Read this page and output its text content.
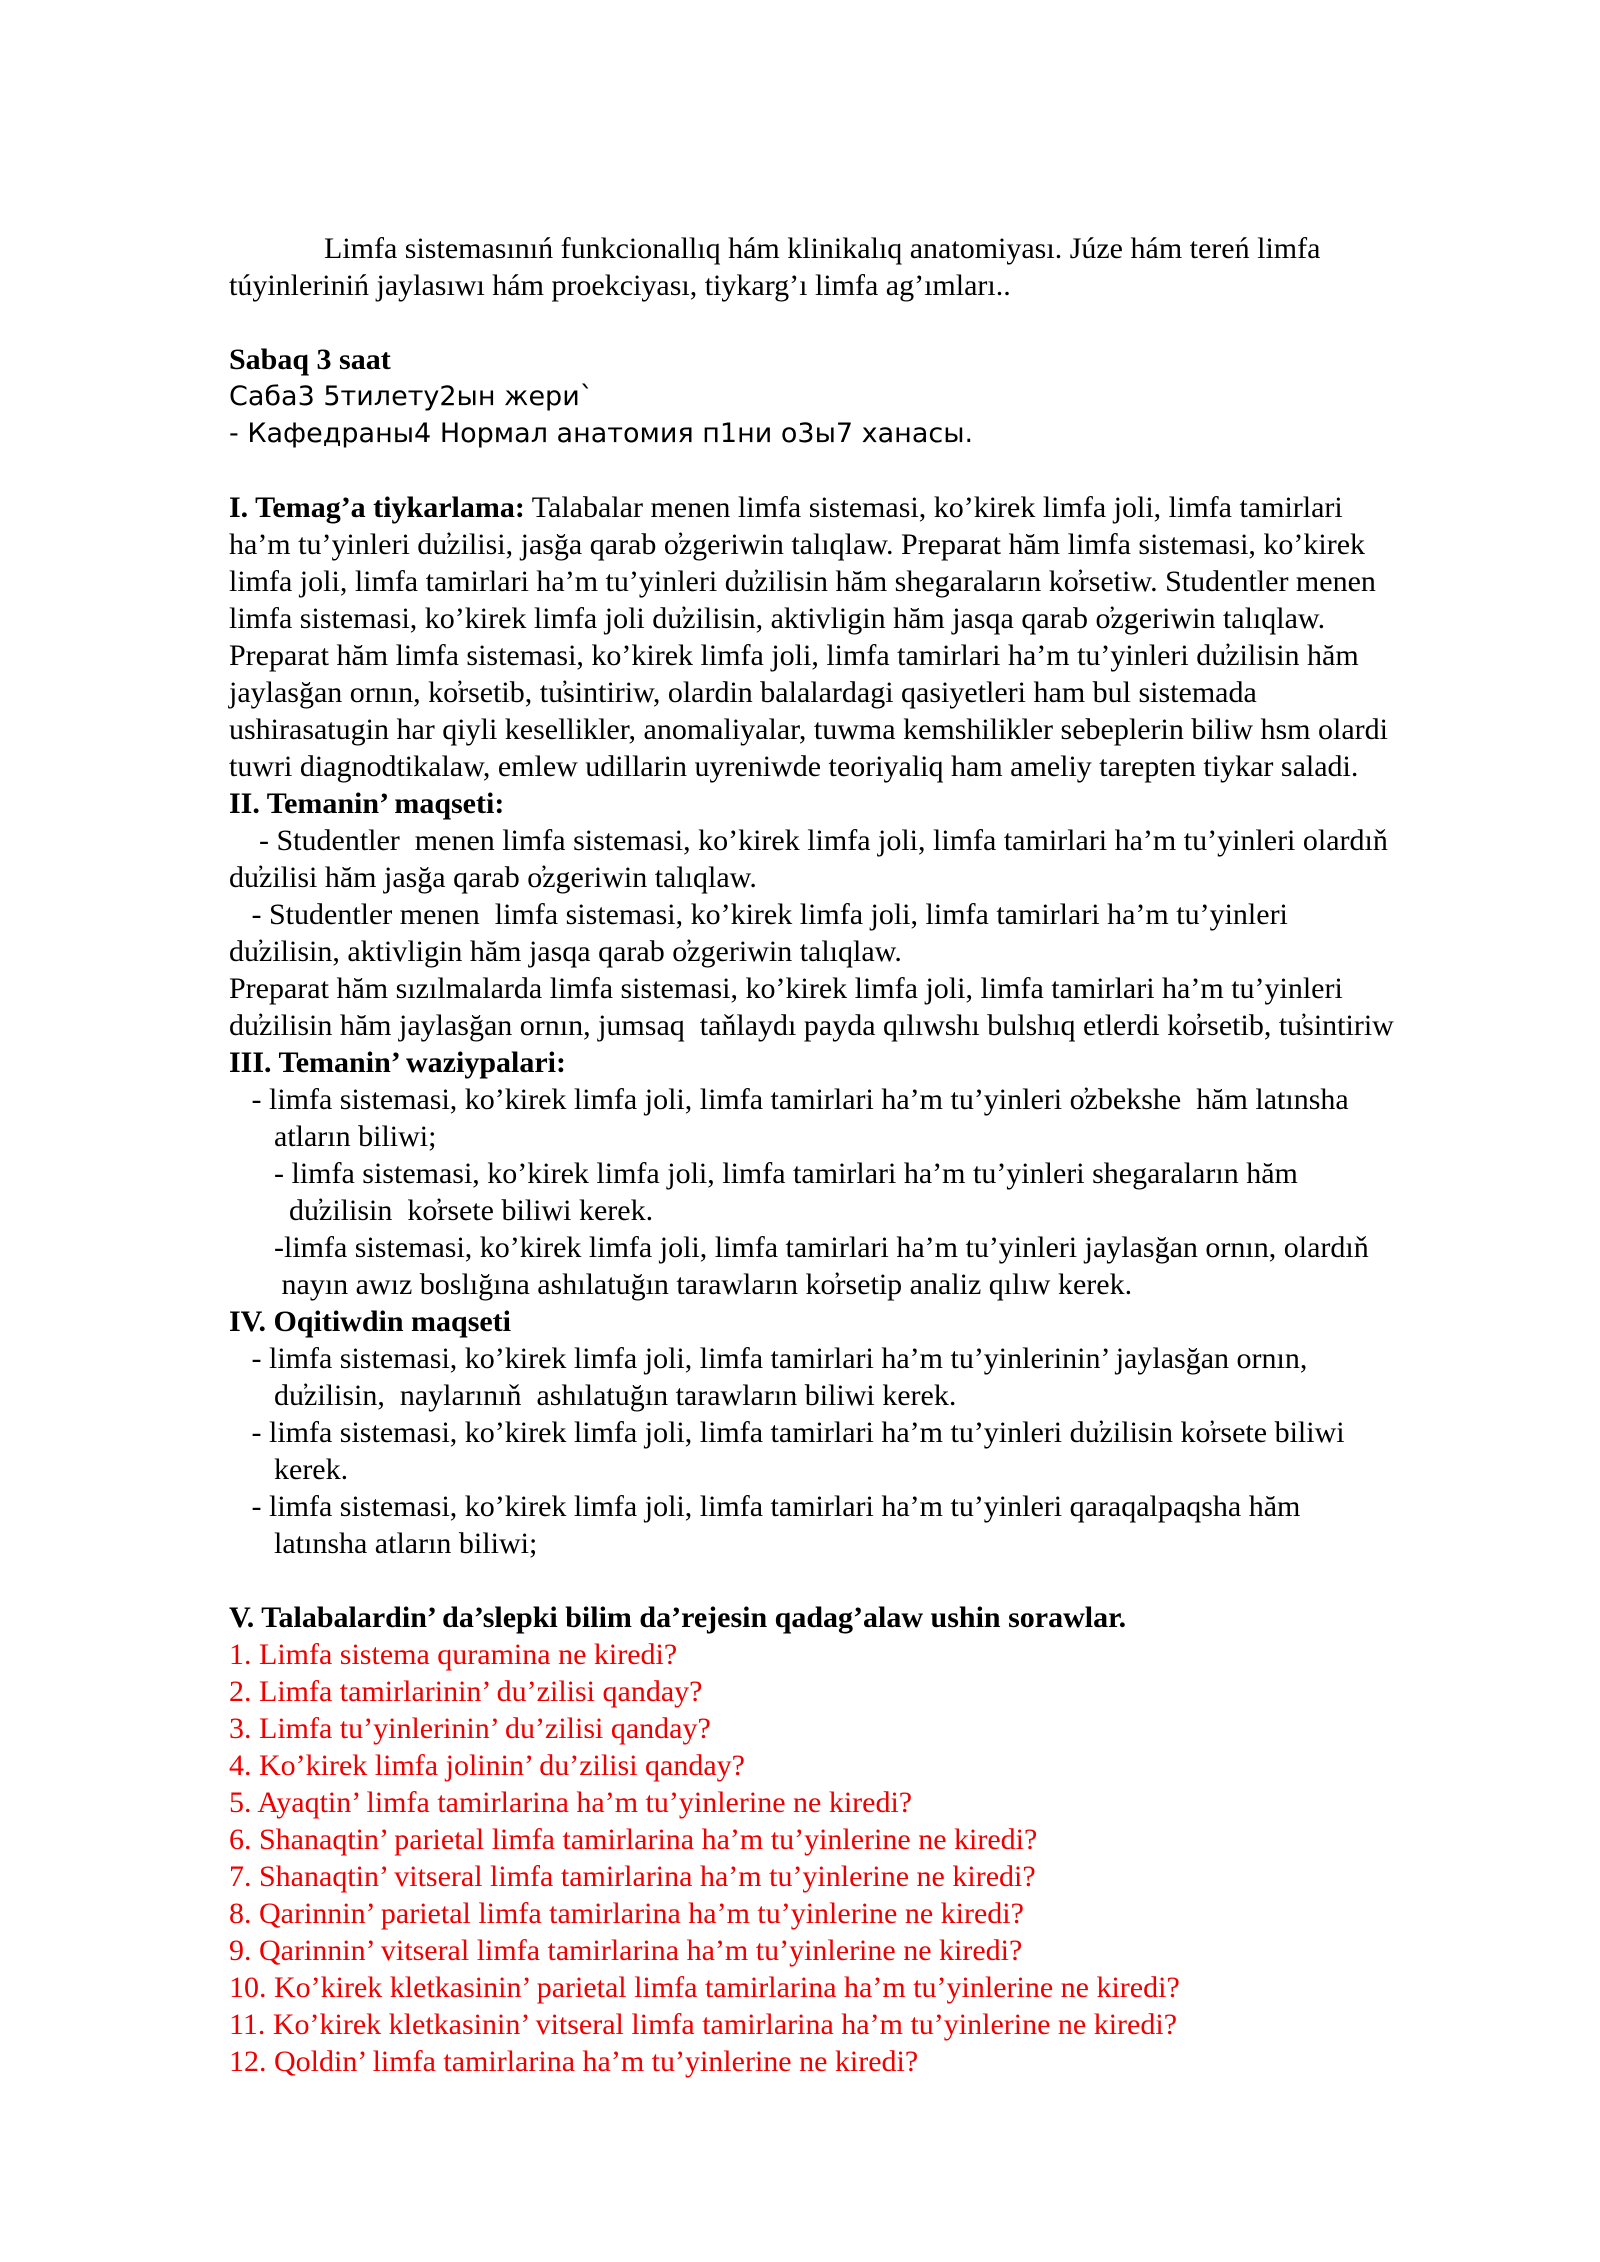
Limfa sistemasınıń funkcionallıq hám klinikalıq anatomiyası. Júze hám tereń limfa
túyinleriniń jaylasıwı hám proekciyası, tiykarg’ı limfa ag’ımları..
Sabaq 3 saat
Саба3 5тилету2ын жери`
- Кафедраны4 Нормал анатомия п1ни о3ы7 ханасы.
I. Temag’a tiykarlama: Talabalar menen limfa sistemasi, ko’kirek limfa joli, limfa tamirlari
ha’m tu’yinleri du̕zilisi, jasğa qarab o̕zgeriwin talıqlaw. Preparat hăm limfa sistemasi, ko’kirek
limfa joli, limfa tamirlari ha’m tu’yinleri du̕zilisin hăm shegaraların ko̕rsetiw. Studentler menen
limfa sistemasi, ko’kirek limfa joli du̕zilisin, aktivligin hăm jasqa qarab o̕zgeriwin talıqlaw.
Preparat hăm limfa sistemasi, ko’kirek limfa joli, limfa tamirlari ha’m tu’yinleri du̕zilisin hăm
jaylasğan ornın, ko̕rsetib, tu̕sintiriw, olardin balalardagi qasiyetleri ham bul sistemada
ushirasatugin har qiyli kesellikler, anomaliyalar, tuwma kemshilikler sebeplerin biliw hsm olardi
tuwri diagnodtikalaw, emlew udillarin uyreniwde teoriyaliq ham ameliy tarepten tiykar saladi.
II. Temanin’ maqseti:
- Studentler  menen limfa sistemasi, ko’kirek limfa joli, limfa tamirlari ha’m tu’yinleri olardıň
du̕zilisi hăm jasğa qarab o̕zgeriwin talıqlaw.
- Studentler menen  limfa sistemasi, ko’kirek limfa joli, limfa tamirlari ha’m tu’yinleri
du̕zilisin, aktivligin hăm jasqa qarab o̕zgeriwin talıqlaw.
Preparat hăm sızılmalarda limfa sistemasi, ko’kirek limfa joli, limfa tamirlari ha’m tu’yinleri
du̕zilisin hăm jaylasğan ornın, jumsaq  taňlaydı payda qılıwshı bulshıq etlerdi ko̕rsetib, tu̕sintiriw
III. Temanin’ waziypalari:
- limfa sistemasi, ko’kirek limfa joli, limfa tamirlari ha’m tu’yinleri o̕zbekshe  hăm latınsha
atların biliwi;
- limfa sistemasi, ko’kirek limfa joli, limfa tamirlari ha’m tu’yinleri shegaraların hăm
du̕zilisin  ko̕rsete biliwi kerek.
-limfa sistemasi, ko’kirek limfa joli, limfa tamirlari ha’m tu’yinleri jaylasğan ornın, olardıň
nayın awız boslığına ashılatuğın tarawların ko̕rsetip analiz qılıw kerek.
IV. Oqitiwdin maqseti
- limfa sistemasi, ko’kirek limfa joli, limfa tamirlari ha’m tu’yinlerinin’ jaylasğan ornın,
du̕zilisin,  naylarınıň  ashılatuğın tarawların biliwi kerek.
- limfa sistemasi, ko’kirek limfa joli, limfa tamirlari ha’m tu’yinleri du̕zilisin ko̕rsete biliwi
kerek.
- limfa sistemasi, ko’kirek limfa joli, limfa tamirlari ha’m tu’yinleri qaraqalpaqsha hăm
latınsha atların biliwi;
V. Talabalardin’ da’slepki bilim da’rejesin qadag’alaw ushin sorawlar.
1. Limfa sistema quramina ne kiredi?
2. Limfa tamirlarinin’ du’zilisi qanday?
3. Limfa tu’yinlerinin’ du’zilisi qanday?
4. Ko’kirek limfa jolinin’ du’zilisi qanday?
5. Ayaqtin’ limfa tamirlarina ha’m tu’yinlerine ne kiredi?
6. Shanaqtin’ parietal limfa tamirlarina ha’m tu’yinlerine ne kiredi?
7. Shanaqtin’ vitseral limfa tamirlarina ha’m tu’yinlerine ne kiredi?
8. Qarinnin’ parietal limfa tamirlarina ha’m tu’yinlerine ne kiredi?
9. Qarinnin’ vitseral limfa tamirlarina ha’m tu’yinlerine ne kiredi?
10. Ko’kirek kletkasinin’ parietal limfa tamirlarina ha’m tu’yinlerine ne kiredi?
11. Ko’kirek kletkasinin’ vitseral limfa tamirlarina ha’m tu’yinlerine ne kiredi?
12. Qoldin’ limfa tamirlarina ha’m tu’yinlerine ne kiredi?
